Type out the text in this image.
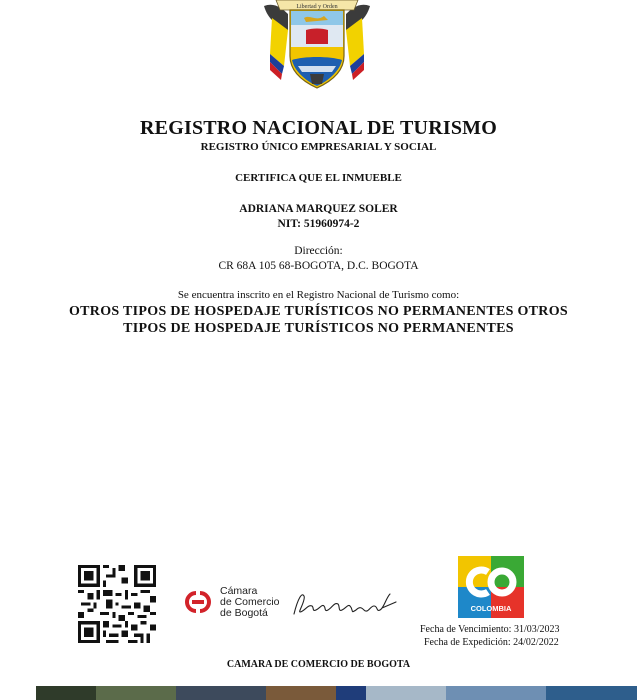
Libertad y Orden
REGISTRO NACIONAL DE TURISMO
REGISTRO ÚNICO EMPRESARIAL Y SOCIAL
CERTIFICA QUE EL INMUEBLE
ADRIANA MARQUEZ SOLER
NIT: 51960974-2
Dirección:
CR 68A 105 68-BOGOTA, D.C. BOGOTA
Se encuentra inscrito en el Registro Nacional de Turismo como:
OTROS TIPOS DE HOSPEDAJE TURÍSTICOS NO PERMANENTES OTROS
TIPOS DE HOSPEDAJE TURÍSTICOS NO PERMANENTES
Cámara
de Comercio
de Bogotá	COLOMBIA
Fecha de Vencimiento: 31/03/2023
Fecha de Expedición: 24/02/2022
CAMARA DE COMERCIO DE BOGOTA
